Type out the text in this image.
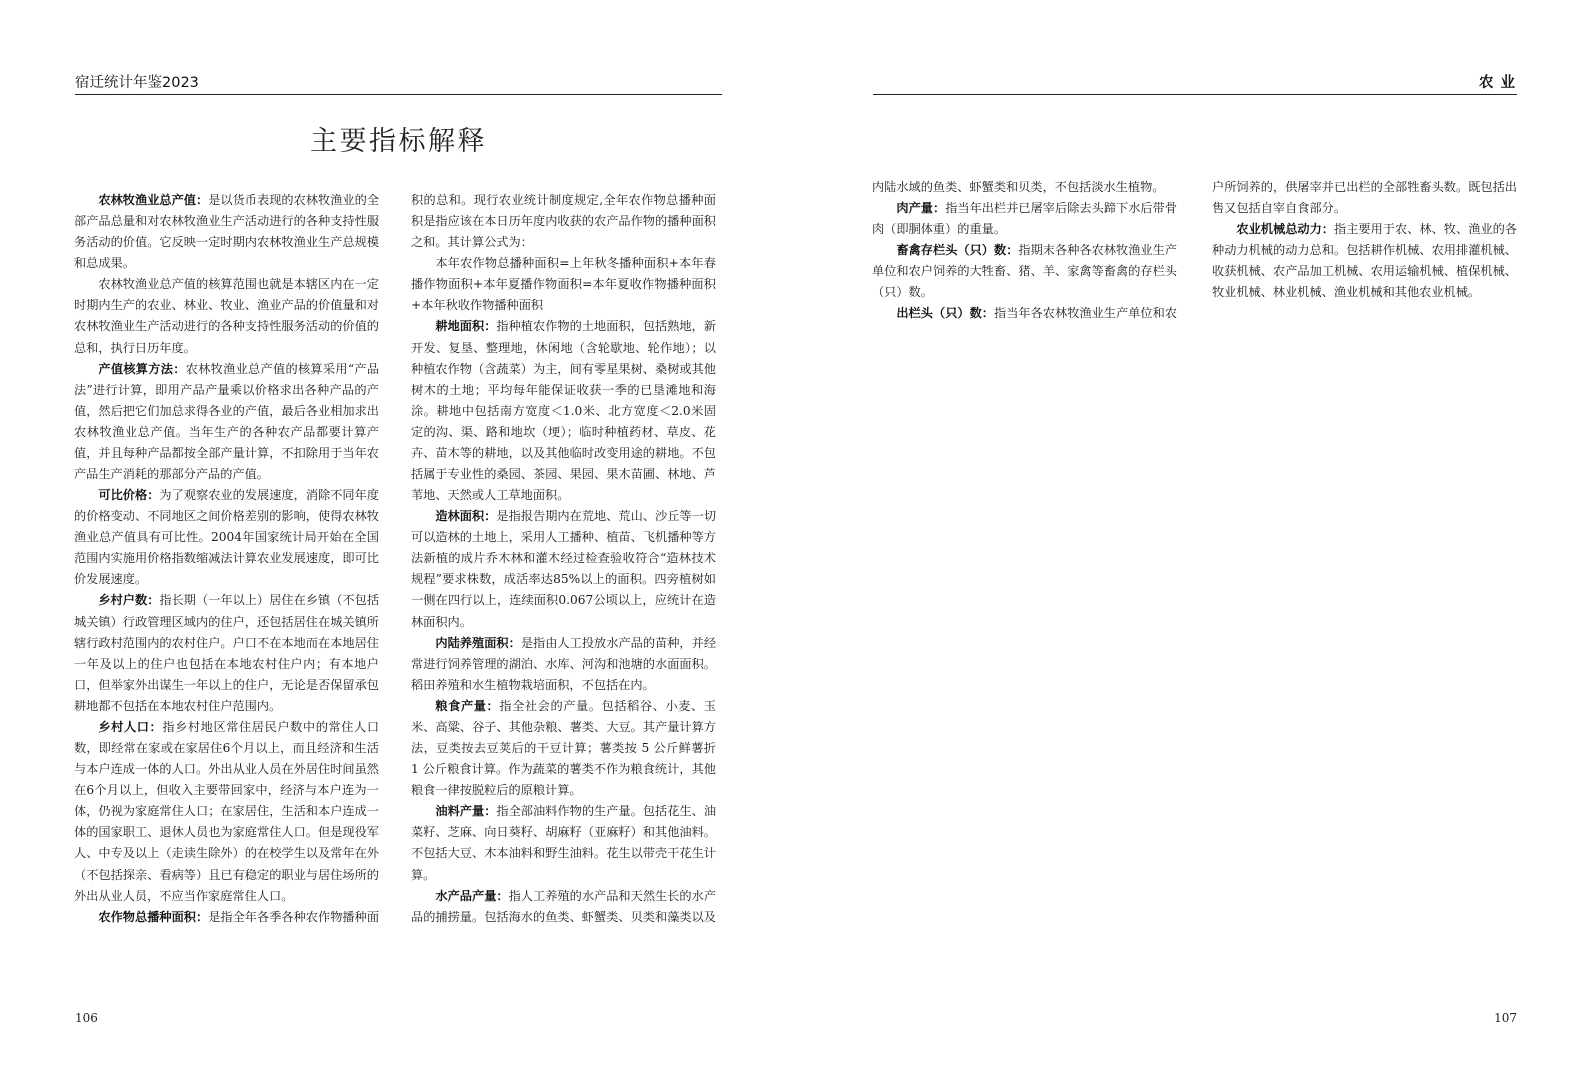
宿迁统计年鉴2023
主要指标解释

农林牧渔业总产值：是以货币表现的农林牧渔业的全部产品总量和对农林牧渔业生产活动进行的各种支持性服务活动的价值。它反映一定时期内农林牧渔业生产总规模和总成果。

农林牧渔业总产值的核算范围也就是本辖区内在一定时期内生产的农业、林业、牧业、渔业产品的价值量和对农林牧渔业生产活动进行的各种支持性服务活动的价值的总和，执行日历年度。

产值核算方法：农林牧渔业总产值的核算采用“产品法”进行计算，即用产品产量乘以价格求出各种产品的产值，然后把它们加总求得各业的产值，最后各业相加求出农林牧渔业总产值。当年生产的各种农产品都要计算产值，并且每种产品都按全部产量计算，不扣除用于当年农产品生产消耗的那部分产品的产值。

可比价格：为了观察农业的发展速度，消除不同年度的价格变动、不同地区之间价格差别的影响，使得农林牧渔业总产值具有可比性。2004年国家统计局开始在全国范围内实施用价格指数缩减法计算农业发展速度，即可比价发展速度。

乡村户数：指长期（一年以上）居住在乡镇（不包括城关镇）行政管理区域内的住户，还包括居住在城关镇所辖行政村范围内的农村住户。户口不在本地而在本地居住一年及以上的住户也包括在本地农村住户内；有本地户口，但举家外出谋生一年以上的住户，无论是否保留承包耕地都不包括在本地农村住户范围内。

乡村人口：指乡村地区常住居民户数中的常住人口数，即经常在家或在家居住6个月以上，而且经济和生活与本户连成一体的人口。外出从业人员在外居住时间虽然在6个月以上，但收入主要带回家中，经济与本户连为一体，仍视为家庭常住人口；在家居住，生活和本户连成一体的国家职工、退休人员也为家庭常住人口。但是现役军人、中专及以上（走读生除外）的在校学生以及常年在外（不包括探亲、看病等）且已有稳定的职业与居住场所的外出从业人员，不应当作家庭常住人口。

农作物总播种面积：是指全年各季各种农作物播种面

积的总和。现行农业统计制度规定,全年农作物总播种面积是指应该在本日历年度内收获的农产品作物的播种面积之和。其计算公式为：

本年农作物总播种面积=上年秋冬播种面积+本年春播作物面积+本年夏播作物面积=本年夏收作物播种面积+本年秋收作物播种面积

耕地面积：指种植农作物的土地面积，包括熟地，新开发、复垦、整理地，休闲地（含轮歇地、轮作地）；以种植农作物（含蔬菜）为主，间有零星果树、桑树或其他树木的土地；平均每年能保证收获一季的已垦滩地和海涂。耕地中包括南方宽度＜1.0米、北方宽度＜2.0米固定的沟、渠、路和地坎（埂）；临时种植药材、草皮、花卉、苗木等的耕地，以及其他临时改变用途的耕地。不包括属于专业性的桑园、茶园、果园、果木苗圃、林地、芦苇地、天然或人工草地面积。

造林面积：是指报告期内在荒地、荒山、沙丘等一切可以造林的土地上，采用人工播种、植苗、飞机播种等方法新植的成片乔木林和灌木经过检查验收符合“造林技术规程”要求株数，成活率达85%以上的面积。四旁植树如一侧在四行以上，连续面积0.067公顷以上，应统计在造林面积内。

内陆养殖面积：是指由人工投放水产品的苗种，并经常进行饲养管理的湖泊、水库、河沟和池塘的水面面积。稻田养殖和水生植物栽培面积，不包括在内。

粮食产量：指全社会的产量。包括稻谷、小麦、玉米、高粱、谷子、其他杂粮、薯类、大豆。其产量计算方法，豆类按去豆荚后的干豆计算；薯类按 5 公斤鲜薯折 1 公斤粮食计算。作为蔬菜的薯类不作为粮食统计，其他粮食一律按脱粒后的原粮计算。

油料产量：指全部油料作物的生产量。包括花生、油菜籽、芝麻、向日葵籽、胡麻籽（亚麻籽）和其他油料。不包括大豆、木本油料和野生油料。花生以带壳干花生计算。

水产品产量：指人工养殖的水产品和天然生长的水产品的捕捞量。包括海水的鱼类、虾蟹类、贝类和藻类以及

106
农 业

内陆水域的鱼类、虾蟹类和贝类，不包括淡水生植物。

肉产量：指当年出栏并已屠宰后除去头蹄下水后带骨肉（即胴体重）的重量。

畜禽存栏头（只）数：指期末各种各农林牧渔业生产单位和农户饲养的大牲畜、猪、羊、家禽等畜禽的存栏头（只）数。

出栏头（只）数：指当年各农林牧渔业生产单位和农

户所饲养的，供屠宰并已出栏的全部牲畜头数。既包括出售又包括自宰自食部分。

农业机械总动力：指主要用于农、林、牧、渔业的各种动力机械的动力总和。包括耕作机械、农用排灌机械、收获机械、农产品加工机械、农用运输机械、植保机械、牧业机械、林业机械、渔业机械和其他农业机械。

107
